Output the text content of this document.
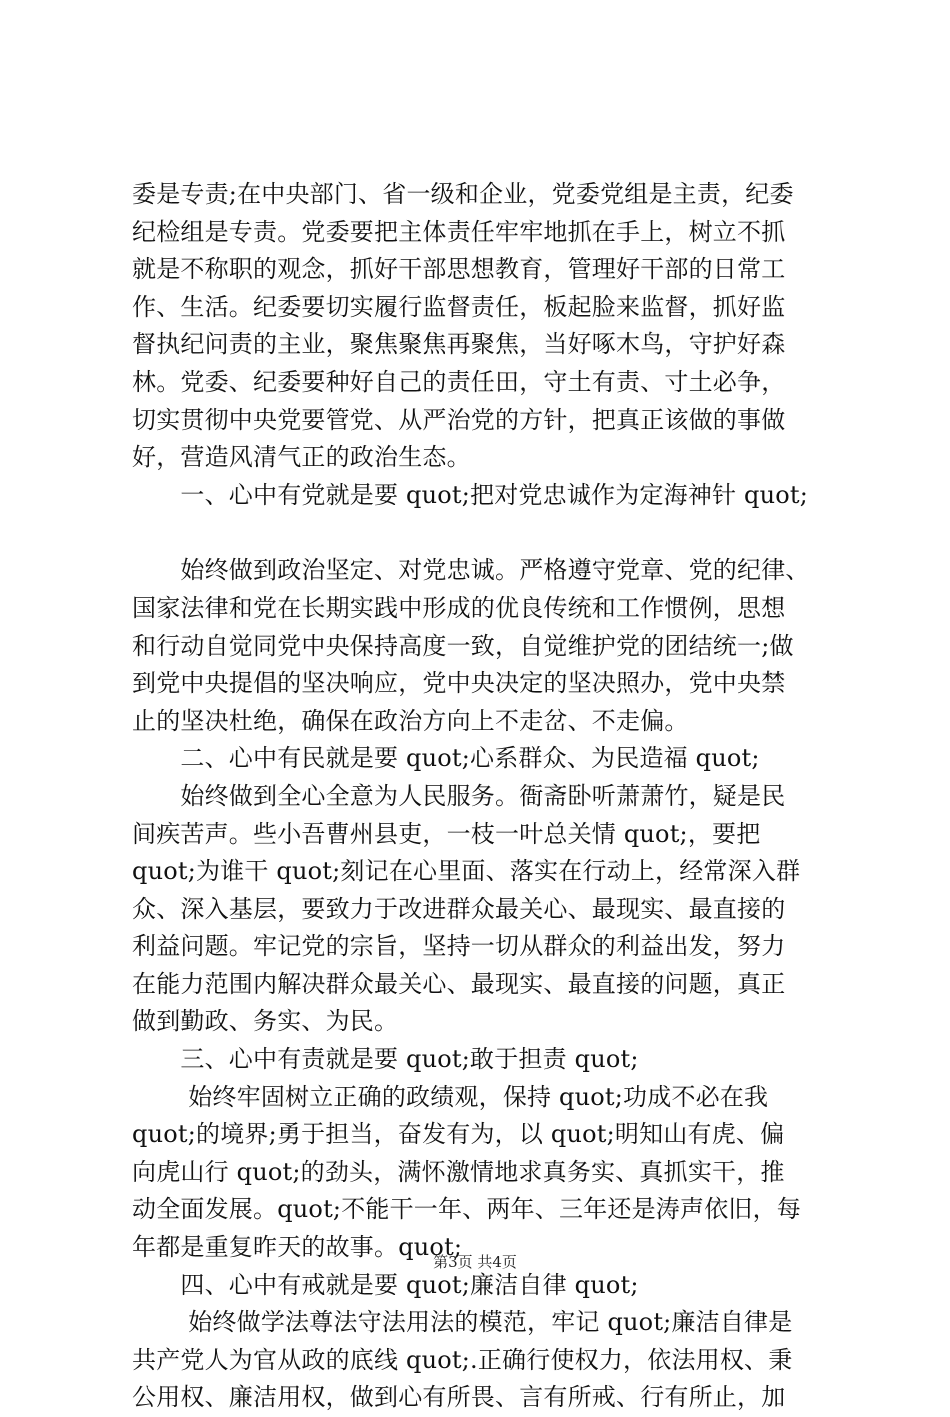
委是专责;在中央部门、省一级和企业，党委党组是主责，纪委
纪检组是专责。党委要把主体责任牢牢地抓在手上，树立不抓
就是不称职的观念，抓好干部思想教育，管理好干部的日常工
作、生活。纪委要切实履行监督责任，板起脸来监督，抓好监
督执纪问责的主业，聚焦聚焦再聚焦，当好啄木鸟，守护好森
林。党委、纪委要种好自己的责任田，守土有责、寸土必争，
切实贯彻中央党要管党、从严治党的方针，把真正该做的事做
好，营造风清气正的政治生态。
　　一、心中有党就是要 quot;把对党忠诚作为定海神针 quot;
　　始终做到政治坚定、对党忠诚。严格遵守党章、党的纪律、
国家法律和党在长期实践中形成的优良传统和工作惯例，思想
和行动自觉同党中央保持高度一致，自觉维护党的团结统一;做
到党中央提倡的坚决响应，党中央决定的坚决照办，党中央禁
止的坚决杜绝，确保在政治方向上不走岔、不走偏。
　　二、心中有民就是要 quot;心系群众、为民造福 quot;
　　始终做到全心全意为人民服务。衙斋卧听萧萧竹，疑是民
间疾苦声。些小吾曹州县吏，一枝一叶总关情 quot;，要把
quot;为谁干 quot;刻记在心里面、落实在行动上，经常深入群
众、深入基层，要致力于改进群众最关心、最现实、最直接的
利益问题。牢记党的宗旨，坚持一切从群众的利益出发，努力
在能力范围内解决群众最关心、最现实、最直接的问题，真正
做到勤政、务实、为民。
　　三、心中有责就是要 quot;敢于担责 quot;
　　 始终牢固树立正确的政绩观，保持 quot;功成不必在我
quot;的境界;勇于担当，奋发有为，以 quot;明知山有虎、偏
向虎山行 quot;的劲头，满怀激情地求真务实、真抓实干，推
动全面发展。quot;不能干一年、两年、三年还是涛声依旧，每
年都是重复昨天的故事。quot;
　　四、心中有戒就是要 quot;廉洁自律 quot;
　　 始终做学法尊法守法用法的模范，牢记 quot;廉洁自律是
共产党人为官从政的底线 quot;.正确行使权力，依法用权、秉
公用权、廉洁用权，做到心有所畏、言有所戒、行有所止，加
第3页 共4页
